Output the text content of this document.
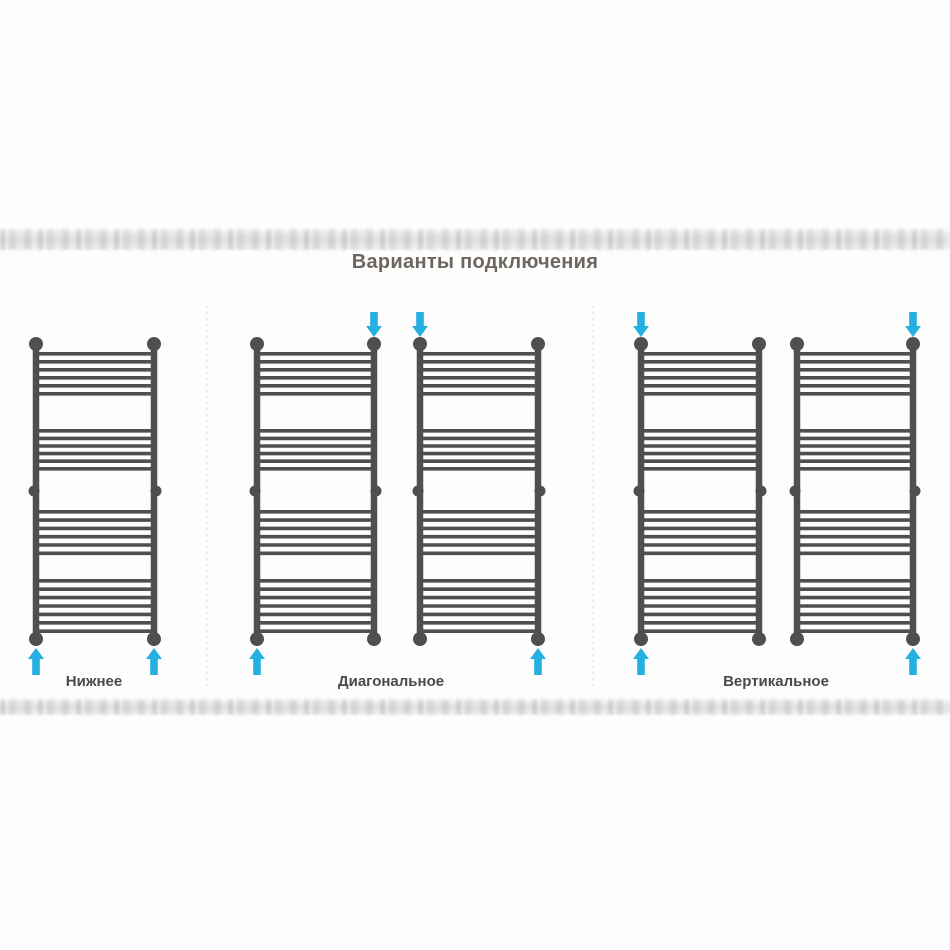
Варианты подключения
Нижнее	Диагональное	Вертикальное
